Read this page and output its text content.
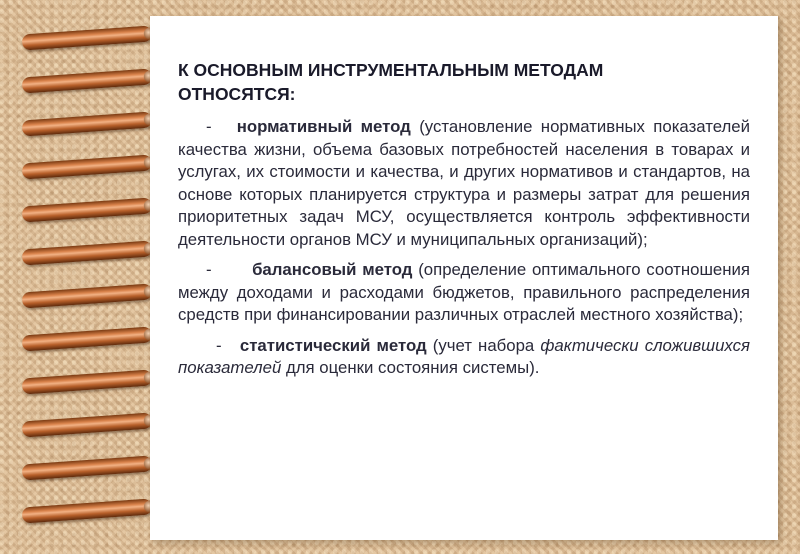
К ОСНОВНЫМ ИНСТРУМЕНТАЛЬНЫМ МЕТОДАМ
ОТНОСЯТСЯ:

- нормативный метод (установление нормативных показателей качества жизни, объема базовых потребностей населения в товарах и услугах, их стоимости и качества, и других нормативов и стандартов, на основе которых планируется структура и размеры затрат для решения приоритетных задач МСУ, осуществляется контроль эффективности деятельности органов МСУ и муниципальных организаций);

- балансовый метод (определение оптимального соотношения между доходами и расходами бюджетов, правильного распределения средств при финансировании различных отраслей местного хозяйства);

- статистический метод (учет набора фактически сложившихся показателей для оценки состояния системы).
